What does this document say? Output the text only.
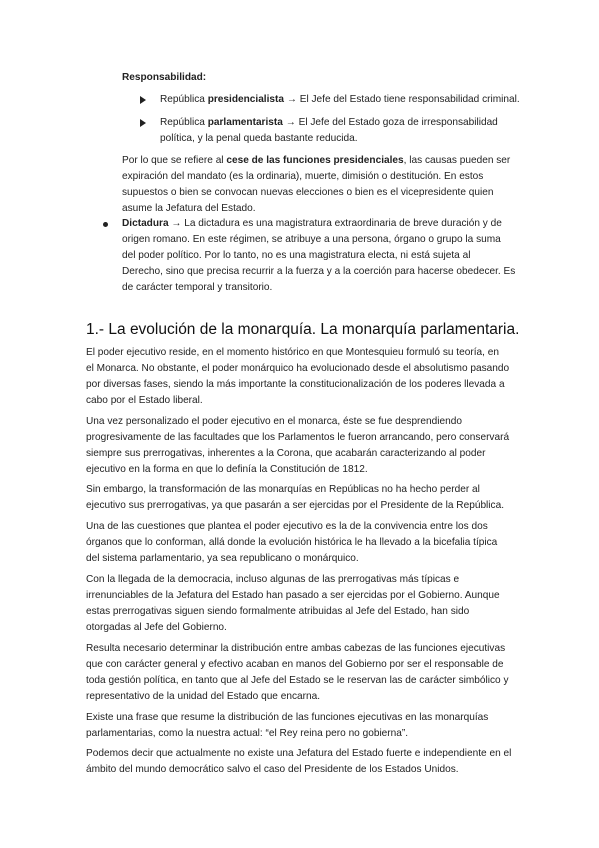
Responsabilidad:

República presidencialista → El Jefe del Estado tiene responsabilidad criminal.

República parlamentarista → El Jefe del Estado goza de irresponsabilidad

política, y la penal queda bastante reducida.

Por lo que se refiere al cese de las funciones presidenciales, las causas pueden ser

expiración del mandato (es la ordinaria), muerte, dimisión o destitución. En estos

supuestos o bien se convocan nuevas elecciones o bien es el vicepresidente quien

asume la Jefatura del Estado.

Dictadura → La dictadura es una magistratura extraordinaria de breve duración y de

origen romano. En este régimen, se atribuye a una persona, órgano o grupo la suma

del poder político. Por lo tanto, no es una magistratura electa, ni está sujeta al

Derecho, sino que precisa recurrir a la fuerza y a la coerción para hacerse obedecer. Es

de carácter temporal y transitorio.

1.- La evolución de la monarquía. La monarquía parlamentaria.

El poder ejecutivo reside, en el momento histórico en que Montesquieu formuló su teoría, en

el Monarca. No obstante, el poder monárquico ha evolucionado desde el absolutismo pasando

por diversas fases, siendo la más importante la constitucionalización de los poderes llevada a

cabo por el Estado liberal.

Una vez personalizado el poder ejecutivo en el monarca, éste se fue desprendiendo

progresivamente de las facultades que los Parlamentos le fueron arrancando, pero conservará

siempre sus prerrogativas, inherentes a la Corona, que acabarán caracterizando al poder

ejecutivo en la forma en que lo definía la Constitución de 1812.

Sin embargo, la transformación de las monarquías en Repúblicas no ha hecho perder al

ejecutivo sus prerrogativas, ya que pasarán a ser ejercidas por el Presidente de la República.

Una de las cuestiones que plantea el poder ejecutivo es la de la convivencia entre los dos

órganos que lo conforman, allá donde la evolución histórica le ha llevado a la bicefalia típica

del sistema parlamentario, ya sea republicano o monárquico.

Con la llegada de la democracia, incluso algunas de las prerrogativas más típicas e

irrenunciables de la Jefatura del Estado han pasado a ser ejercidas por el Gobierno. Aunque

estas prerrogativas siguen siendo formalmente atribuidas al Jefe del Estado, han sido

otorgadas al Jefe del Gobierno.

Resulta necesario determinar la distribución entre ambas cabezas de las funciones ejecutivas

que con carácter general y efectivo acaban en manos del Gobierno por ser el responsable de

toda gestión política, en tanto que al Jefe del Estado se le reservan las de carácter simbólico y

representativo de la unidad del Estado que encarna.

Existe una frase que resume la distribución de las funciones ejecutivas en las monarquías

parlamentarias, como la nuestra actual: “el Rey reina pero no gobierna”.

Podemos decir que actualmente no existe una Jefatura del Estado fuerte e independiente en el

ámbito del mundo democrático salvo el caso del Presidente de los Estados Unidos.
